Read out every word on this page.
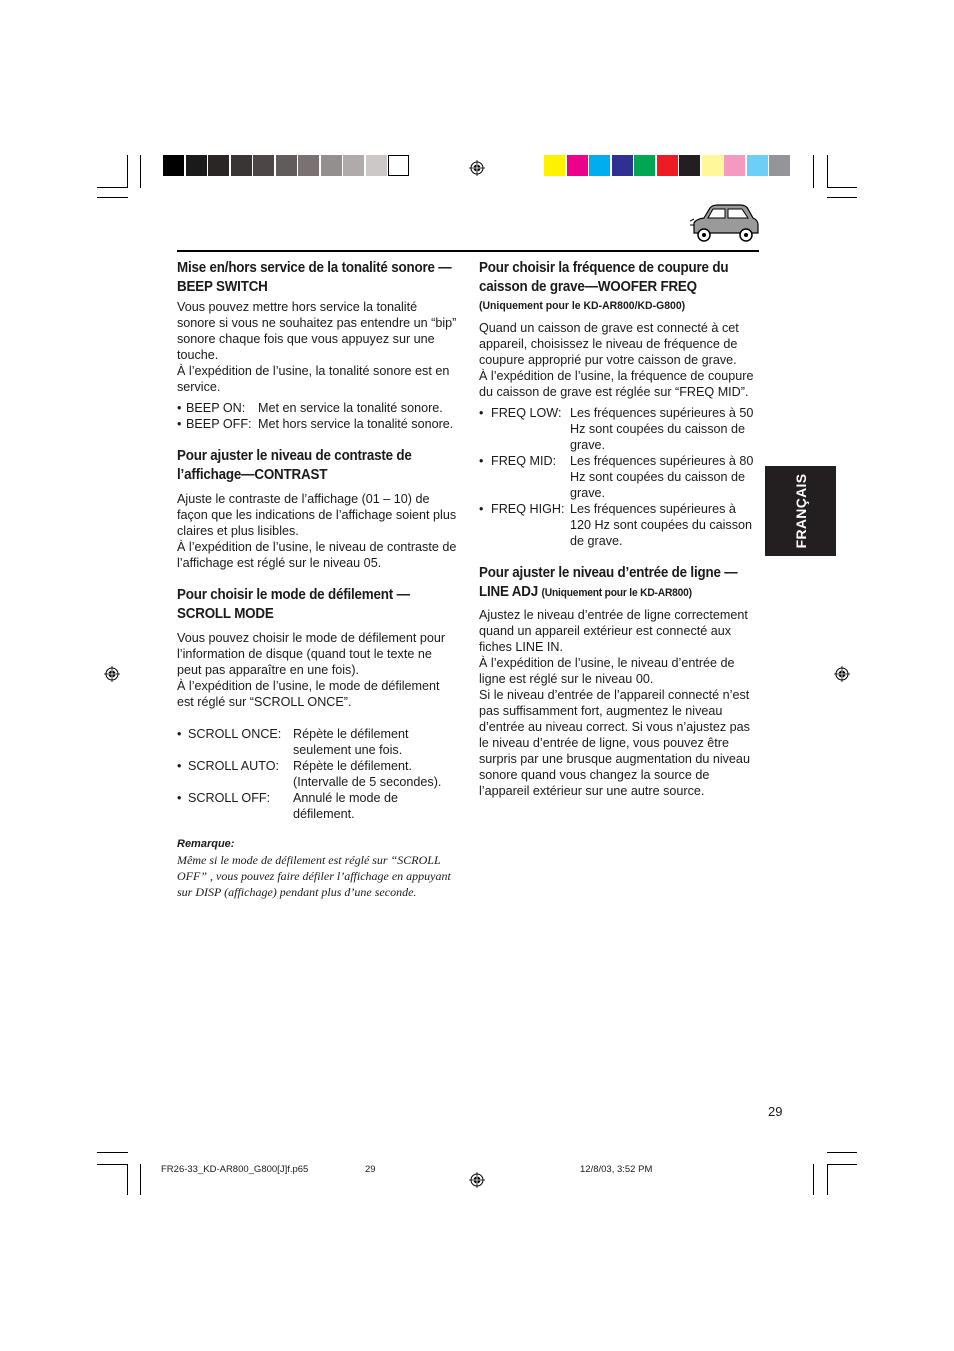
FRANÇAIS
Mise en/hors service de la tonalité sonore —BEEP SWITCH

Vous pouvez mettre hors service la tonalité sonore si vous ne souhaitez pas entendre un “bip” sonore chaque fois que vous appuyez sur une touche.

À l’expédition de l’usine, la tonalité sonore est en service.

• BEEP ON:	Met en service la tonalité sonore.
• BEEP OFF: Met hors service la tonalité sonore.
Pour ajuster le niveau de contraste de l’affichage—CONTRAST

Ajuste le contraste de l’affichage (01 – 10) de façon que les indications de l’affichage soient plus claires et plus lisibles.

À l’expédition de l’usine, le niveau de contraste de l’affichage est réglé sur le niveau 05.

Pour choisir le mode de défilement —SCROLL MODE

Vous pouvez choisir le mode de défilement pour l’information de disque (quand tout le texte ne peut pas apparaître en une fois).

À l’expédition de l’usine, le mode de défilement est réglé sur “SCROLL ONCE”.

• SCROLL ONCE: Répète le défilement seulement une fois.
• SCROLL AUTO:	Répète le défilement. (Intervalle de 5 secondes).
• SCROLL OFF:	Annulé le mode de défilement.
Remarque:

Même si le mode de défilement est réglé sur “SCROLL OFF” , vous pouvez faire défiler l’affichage en appuyant sur DISP (affichage) pendant plus d’une seconde.

Pour choisir la fréquence de coupure du caisson de grave—WOOFER FREQ
(Uniquement pour le KD-AR800/KD-G800)

Quand un caisson de grave est connecté à cet appareil, choisissez le niveau de fréquence de coupure approprié pur votre caisson de grave.

À l’expédition de l’usine, la fréquence de coupure du caisson de grave est réglée sur “FREQ MID”.

• FREQ LOW: Les fréquences supérieures à 50 Hz sont coupées du caisson de grave.
• FREQ MID:	Les fréquences supérieures à 80 Hz sont coupées du caisson de grave.
• FREQ HIGH: Les fréquences supérieures à 120 Hz sont coupées du caisson de grave.
Pour ajuster le niveau d’entrée de ligne —LINE ADJ (Uniquement pour le KD-AR800)

Ajustez le niveau d’entrée de ligne correctement quand un appareil extérieur est connecté aux fiches LINE IN.

À l’expédition de l’usine, le niveau d’entrée de ligne est réglé sur le niveau 00.

Si le niveau d’entrée de l’appareil connecté n’est pas suffisamment fort, augmentez le niveau d’entrée au niveau correct. Si vous n’ajustez pas le niveau d’entrée de ligne, vous pouvez être surpris par une brusque augmentation du niveau sonore quand vous changez la source de l’appareil extérieur sur une autre source.

29
FR26-33_KD-AR800_G800[J]f.p65	29	12/8/03, 3:52 PM
